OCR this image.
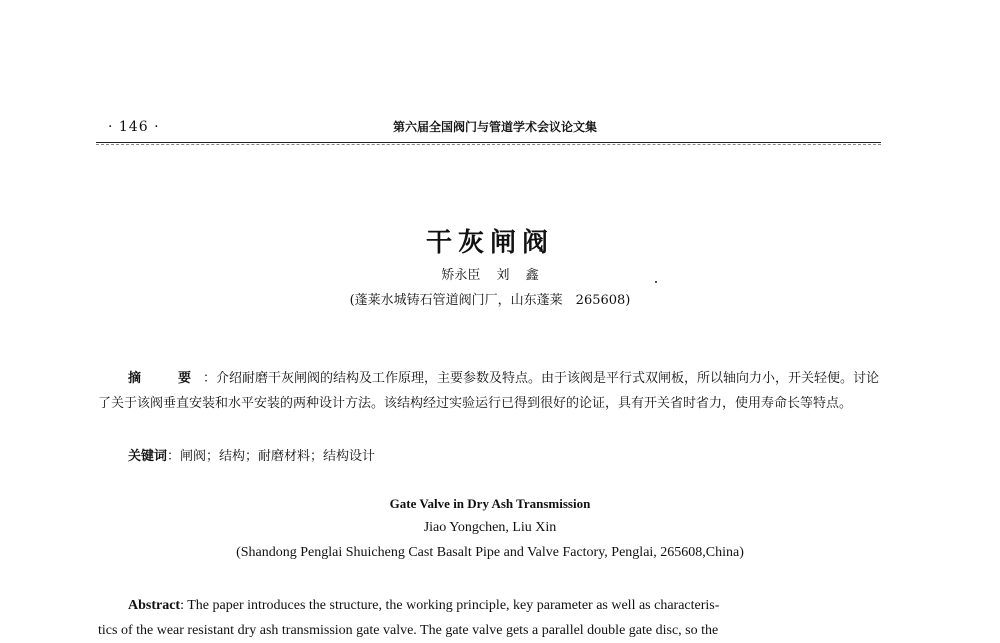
· 146 ·	第六届全国阀门与管道学术会议论文集
干灰闸阀
矫永臣 刘 鑫
(蓬莱水城铸石管道阀门厂，山东蓬莱　265608)
摘　要：介绍耐磨干灰闸阀的结构及工作原理，主要参数及特点。由于该阀是平行式双闸板，所以轴向力小，开关轻便。讨论了关于该阀垂直安装和水平安装的两种设计方法。该结构经过实验运行已得到很好的论证，具有开关省时省力，使用寿命长等特点。
关键词：闸阀；结构；耐磨材料；结构设计
Gate Valve in Dry Ash Transmission
Jiao Yongchen, Liu Xin
(Shandong Penglai Shuicheng Cast Basalt Pipe and Valve Factory, Penglai, 265608,China)
Abstract: The paper introduces the structure, the working principle, key parameter as well as characteris-
tics of the wear resistant dry ash transmission gate valve. The gate valve gets a parallel double gate disc, so the
